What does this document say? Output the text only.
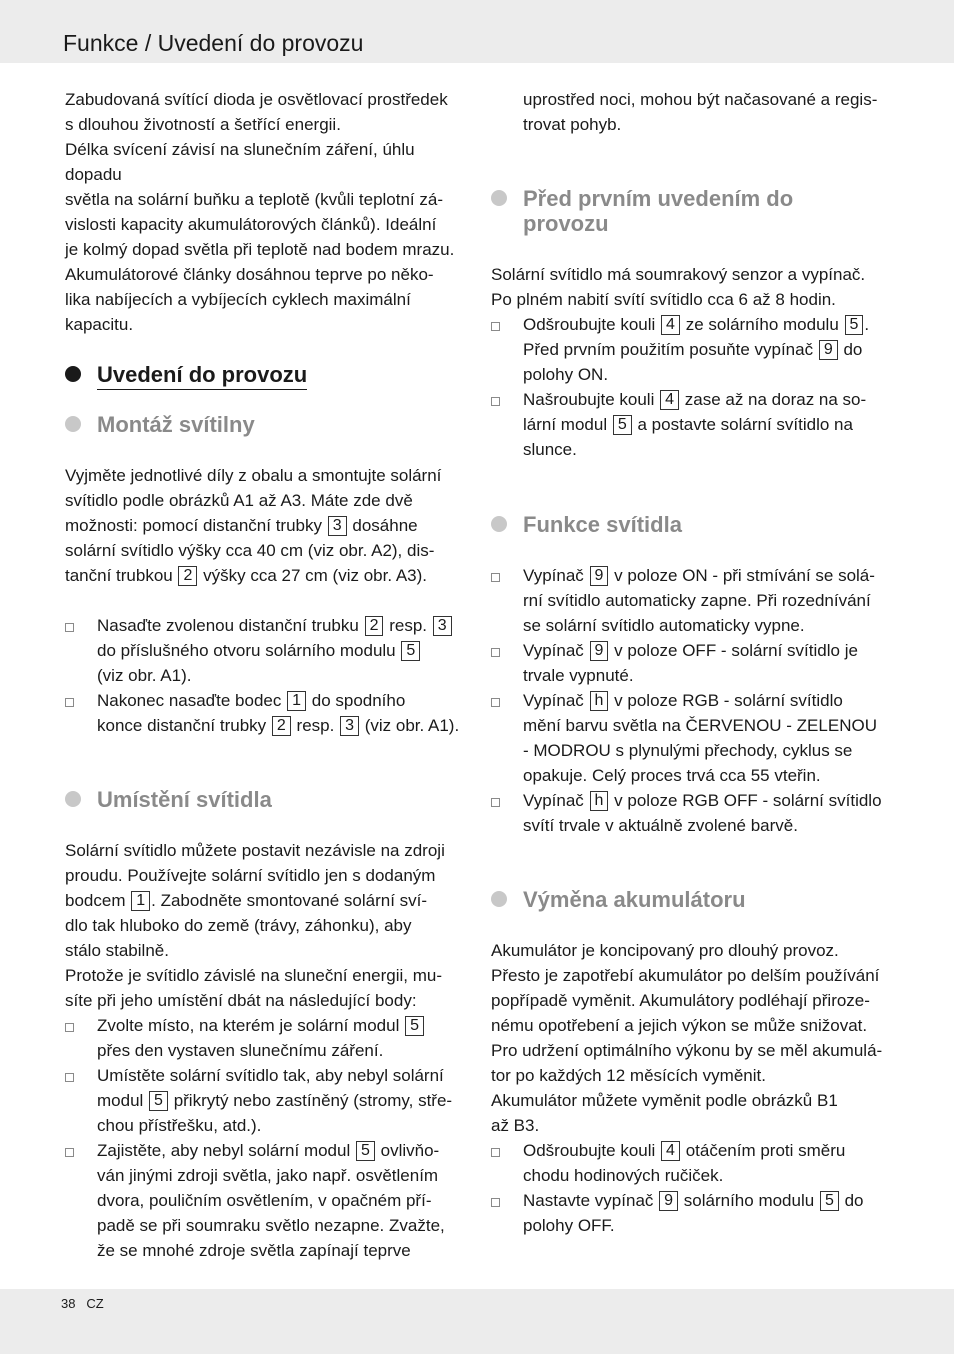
Funkce / Uvedení do provozu

Zabudovaná svítící dioda je osvětlovací prostředek

s dlouhou životností a šetřící energii.

Délka svícení závisí na slunečním záření, úhlu dopadu

světla na solární buňku a teplotě (kvůli teplotní zá-

vislosti kapacity akumulátorových článků). Ideální

je kolmý dopad světla při teplotě nad bodem mrazu.

Akumulátorové články dosáhnou teprve po něko-

lika nabíjecích a vybíjecích cyklech maximální

kapacitu.

Uvedení do provozu
Montáž svítilny

Vyjměte jednotlivé díly z obalu a smontujte solární

svítidlo podle obrázků A1 až A3. Máte zde dvě

možnosti: pomocí distanční trubky 3 dosáhne

solární svítidlo výšky cca 40 cm (viz obr. A2), dis-

tanční trubkou 2 výšky cca 27 cm (viz obr. A3).

Nasaďte zvolenou distanční trubku 2 resp. 3

do příslušného otvoru solárního modulu 5

(viz obr. A1).

Nakonec nasaďte bodec 1 do spodního

konce distanční trubky 2 resp. 3 (viz obr. A1).

Umístění svítidla

Solární svítidlo můžete postavit nezávisle na zdroji

proudu. Používejte solární svítidlo jen s dodaným

bodcem 1 . Zabodněte smontované solární sví-

dlo tak hluboko do země (trávy, záhonku), aby

stálo stabilně.

Protože je svítidlo závislé na sluneční energii, mu-

síte při jeho umístění dbát na následující body:

Zvolte místo, na kterém je solární modul 5

přes den vystaven slunečnímu záření.

Umístěte solární svítidlo tak, aby nebyl solární

modul 5 přikrytý nebo zastíněný (stromy, stře-

chou přístřešku, atd.).

Zajistěte, aby nebyl solární modul 5 ovlivňo-

ván jinými zdroji světla, jako např. osvětlením

dvora, pouličním osvětlením, v opačném pří-

padě se při soumraku světlo nezapne. Zvažte,

že se mnohé zdroje světla zapínají teprve

uprostřed noci, mohou být načasované a regis-

trovat pohyb.

Před prvním uvedením do
provozu

Solární svítidlo má soumrakový senzor a vypínač.

Po plném nabití svítí svítidlo cca 6 až 8 hodin.

Odšroubujte kouli 4 ze solárního modulu 5 .

Před prvním použitím posuňte vypínač 9 do

polohy ON.

Našroubujte kouli 4 zase až na doraz na so-

lární modul 5 a postavte solární svítidlo na

slunce.

Funkce svítidla

Vypínač 9 v poloze ON - při stmívání se solá-

rní svítidlo automaticky zapne. Při rozednívání

se solární svítidlo automaticky vypne.

Vypínač 9 v poloze OFF - solární svítidlo je

trvale vypnuté.

Vypínač h v poloze RGB - solární svítidlo

mění barvu světla na ČERVENOU - ZELENOU

- MODROU s plynulými přechody, cyklus se

opakuje. Celý proces trvá cca 55 vteřin.

Vypínač h v poloze RGB OFF - solární svítidlo

svítí trvale v aktuálně zvolené barvě.

Výměna akumulátoru

Akumulátor je koncipovaný pro dlouhý provoz.

Přesto je zapotřebí akumulátor po delším používání

popřípadě vyměnit. Akumulátory podléhají přiroze-

nému opotřebení a jejich výkon se může snižovat.

Pro udržení optimálního výkonu by se měl akumulá-

tor po každých 12 měsících vyměnit.

Akumulátor můžete vyměnit podle obrázků B1

až B3.

Odšroubujte kouli 4 otáčením proti směru

chodu hodinových ručiček.

Nastavte vypínač 9 solárního modulu 5 do

polohy OFF.

38 CZ
